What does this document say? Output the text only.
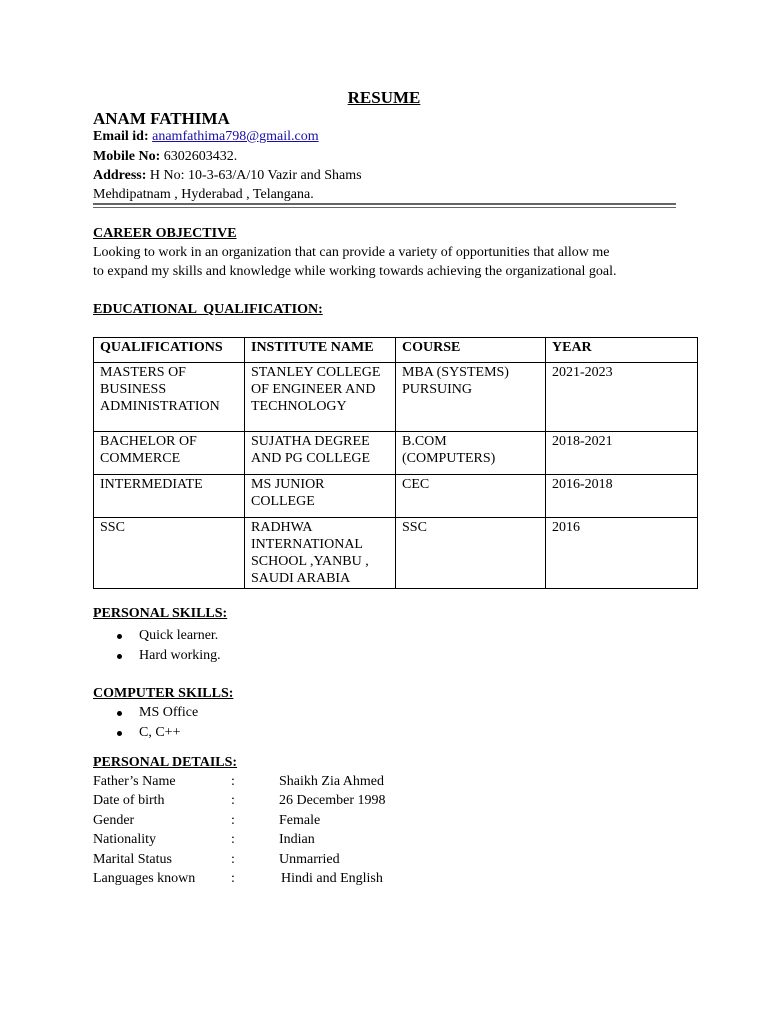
RESUME
ANAM FATHIMA
Email id: anamfathima798@gmail.com
Mobile No: 6302603432.
Address: H No: 10-3-63/A/10 Vazir and Shams
Mehdipatnam , Hyderabad , Telangana.
CAREER OBJECTIVE
Looking to work in an organization that can provide a variety of opportunities that allow me
to expand my skills and knowledge while working towards achieving the organizational goal.
EDUCATIONAL  QUALIFICATION:
QUALIFICATIONS	INSTITUTE NAME	COURSE	YEAR
MASTERS OF BUSINESS ADMINISTRATION	STANLEY COLLEGE OF ENGINEER AND TECHNOLOGY	MBA (SYSTEMS) PURSUING	2021-2023
BACHELOR OF COMMERCE	SUJATHA DEGREE AND PG COLLEGE	B.COM (COMPUTERS)	2018-2021
INTERMEDIATE	MS JUNIOR COLLEGE	CEC	2016-2018
SSC	RADHWA INTERNATIONAL SCHOOL ,YANBU , SAUDI ARABIA	SSC	2016
PERSONAL SKILLS:
Quick learner.
Hard working.
COMPUTER SKILLS:
MS Office
C, C++
PERSONAL DETAILS:
Father’s Name	:	Shaikh Zia Ahmed
Date of birth	:	26 December 1998
Gender	:	Female
Nationality	:	Indian
Marital Status	:	Unmarried
Languages known	:	Hindi and English
